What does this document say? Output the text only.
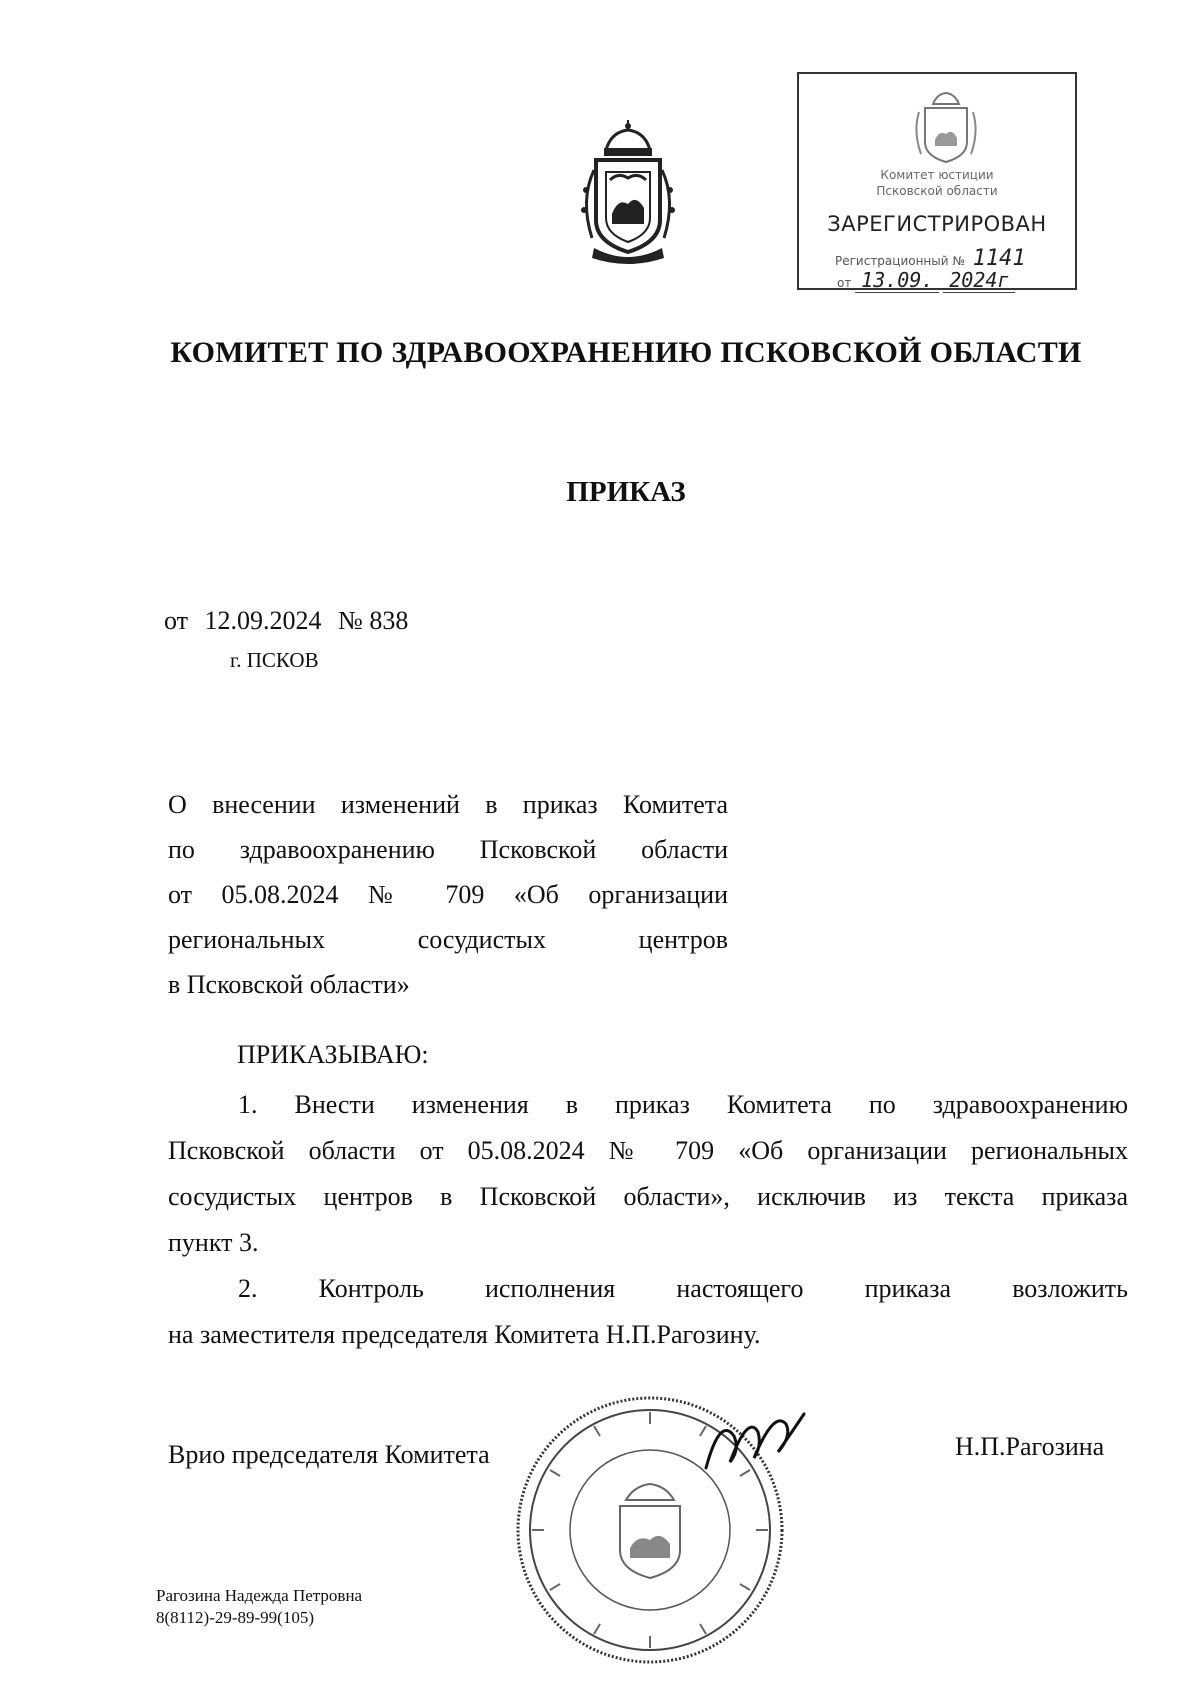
Комитет юстиции
Псковской области
ЗАРЕГИСТРИРОВАН
Регистрационный № 1141
от 13.09. 2024г
КОМИТЕТ ПО ЗДРАВООХРАНЕНИЮ ПСКОВСКОЙ ОБЛАСТИ
ПРИКАЗ
от 12.09.2024 № 838
г. ПСКОВ
О внесении изменений в приказ Комитета
по здравоохранению Псковской области
от 05.08.2024 № 709 «Об организации
региональных сосудистых центров
в Псковской области»
ПРИКАЗЫВАЮ:
1. Внести изменения в приказ Комитета по здравоохранению
Псковской области от 05.08.2024 № 709 «Об организации региональных
сосудистых центров в Псковской области», исключив из текста приказа
пункт 3.
2. Контроль исполнения настоящего приказа возложить
на заместителя председателя Комитета Н.П.Рагозину.
Врио председателя Комитета	Н.П.Рагозина
Рагозина Надежда Петровна
8(8112)-29-89-99(105)
